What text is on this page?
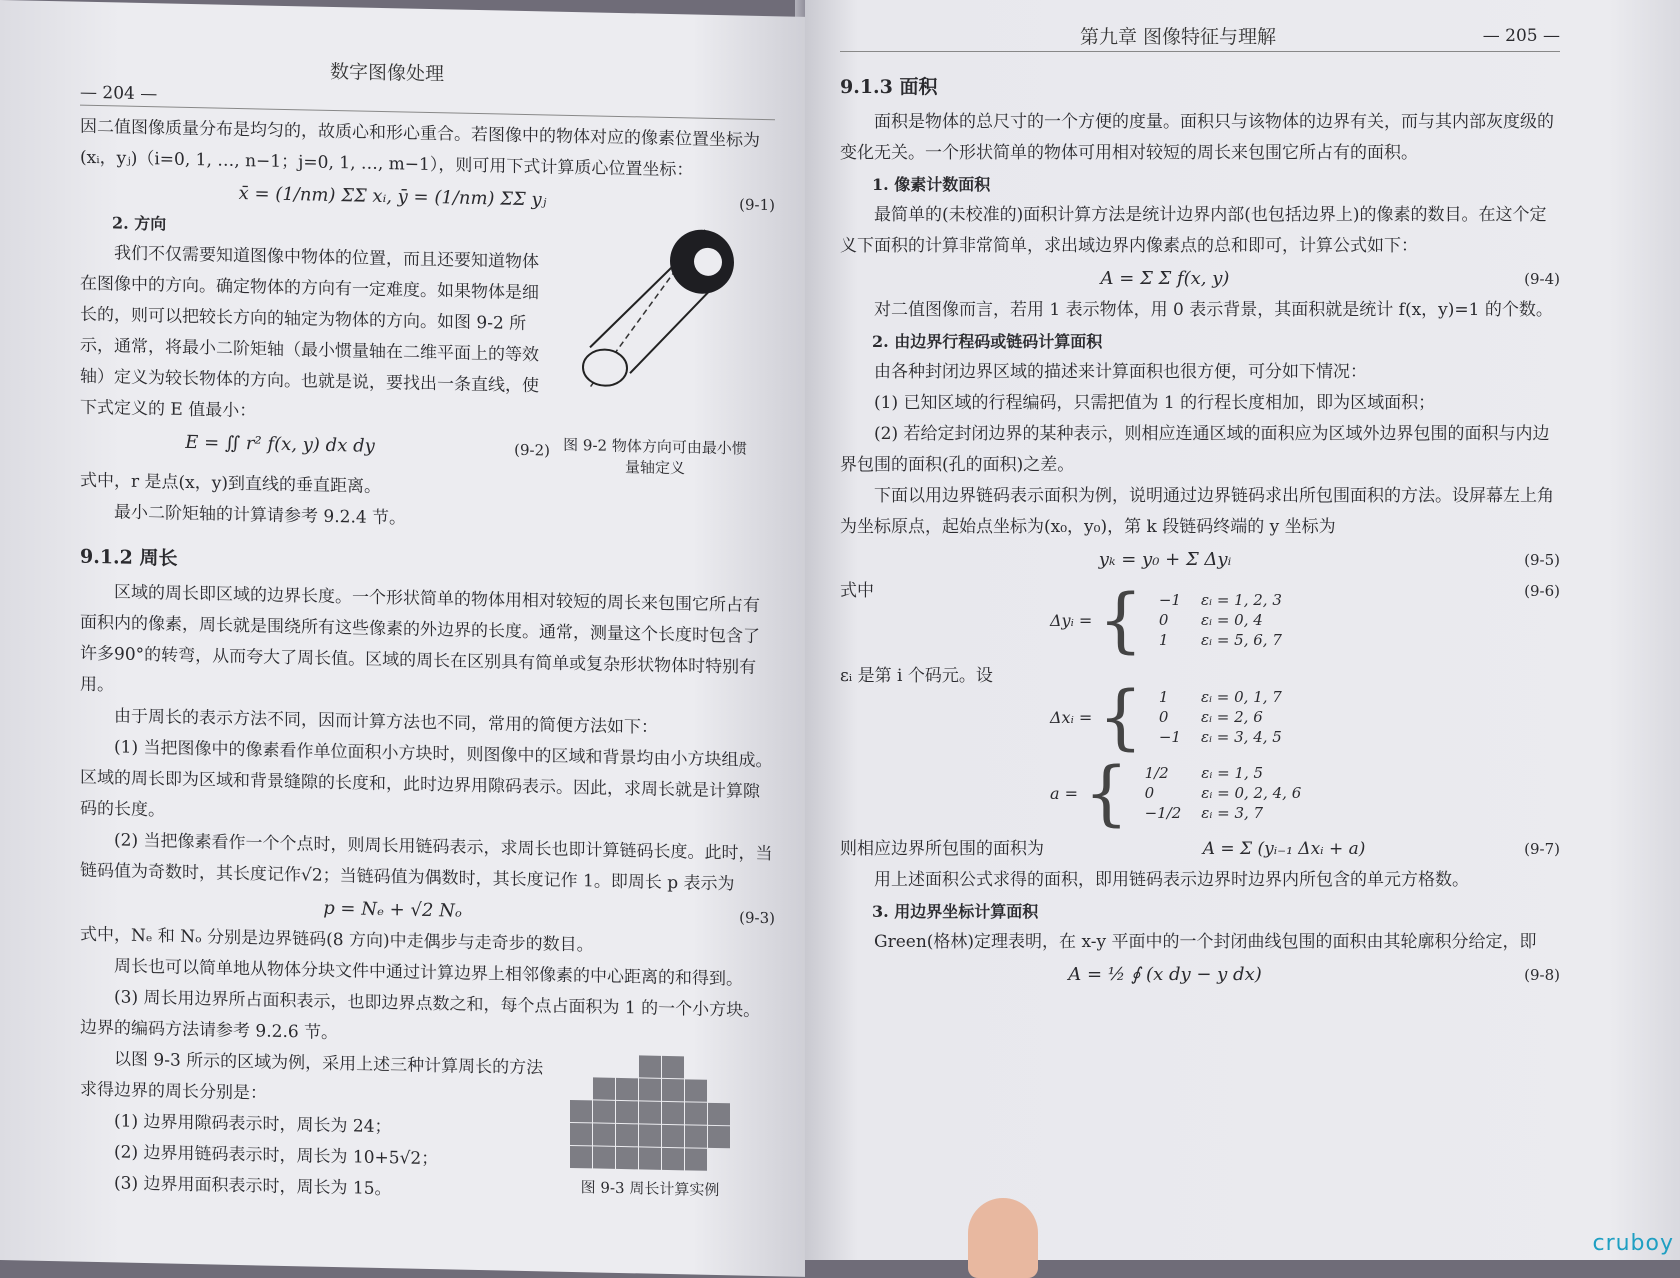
数字图像处理
— 204 —

因二值图像质量分布是均匀的，故质心和形心重合。若图像中的物体对应的像素位置坐标为(xᵢ，yⱼ)（i=0, 1, …, n−1；j=0, 1, …, m−1），则可用下式计算质心位置坐标：

x̄ = (1/nm) ΣΣ xᵢ, ȳ = (1/nm) ΣΣ yⱼ	(9-1)
2. 方向

我们不仅需要知道图像中物体的位置，而且还要知道物体在图像中的方向。确定物体的方向有一定难度。如果物体是细长的，则可以把较长方向的轴定为物体的方向。如图 9-2 所示，通常，将最小二阶矩轴（最小惯量轴在二维平面上的等效轴）定义为较长物体的方向。也就是说，要找出一条直线，使下式定义的 E 值最小：

E = ∬ r² f(x, y) dx dy	(9-2) 图 9-2 物体方向可由最小惯量轴定义

式中，r 是点(x，y)到直线的垂直距离。

最小二阶矩轴的计算请参考 9.2.4 节。

9.1.2 周长

区域的周长即区域的边界长度。一个形状简单的物体用相对较短的周长来包围它所占有面积内的像素，周长就是围绕所有这些像素的外边界的长度。通常，测量这个长度时包含了许多90°的转弯，从而夸大了周长值。区域的周长在区别具有简单或复杂形状物体时特别有用。

由于周长的表示方法不同，因而计算方法也不同，常用的简便方法如下：

(1) 当把图像中的像素看作单位面积小方块时，则图像中的区域和背景均由小方块组成。区域的周长即为区域和背景缝隙的长度和，此时边界用隙码表示。因此，求周长就是计算隙码的长度。

(2) 当把像素看作一个个点时，则周长用链码表示，求周长也即计算链码长度。此时，当链码值为奇数时，其长度记作√2；当链码值为偶数时，其长度记作 1。即周长 p 表示为

p = Nₑ + √2 Nₒ	(9-3)

式中，Nₑ 和 Nₒ 分别是边界链码(8 方向)中走偶步与走奇步的数目。

周长也可以简单地从物体分块文件中通过计算边界上相邻像素的中心距离的和得到。

(3) 周长用边界所占面积表示，也即边界点数之和，每个点占面积为 1 的一个小方块。边界的编码方法请参考 9.2.6 节。

以图 9-3 所示的区域为例，采用上述三种计算周长的方法求得边界的周长分别是：

(1) 边界用隙码表示时，周长为 24；

(2) 边界用链码表示时，周长为 10+5√2；

(3) 边界用面积表示时，周长为 15。	图 9-3 周长计算实例
第九章 图像特征与理解	— 205 —
9.1.3 面积

面积是物体的总尺寸的一个方便的度量。面积只与该物体的边界有关，而与其内部灰度级的变化无关。一个形状简单的物体可用相对较短的周长来包围它所占有的面积。

1. 像素计数面积

最简单的(未校准的)面积计算方法是统计边界内部(也包括边界上)的像素的数目。在这个定义下面积的计算非常简单，求出域边界内像素点的总和即可，计算公式如下：

A = Σ Σ f(x, y)	(9-4)

对二值图像而言，若用 1 表示物体，用 0 表示背景，其面积就是统计 f(x，y)=1 的个数。

2. 由边界行程码或链码计算面积

由各种封闭边界区域的描述来计算面积也很方便，可分如下情况：

(1) 已知区域的行程编码，只需把值为 1 的行程长度相加，即为区域面积；

(2) 若给定封闭边界的某种表示，则相应连通区域的面积应为区域外边界包围的面积与内边界包围的面积(孔的面积)之差。

下面以用边界链码表示面积为例，说明通过边界链码求出所包围面积的方法。设屏幕左上角为坐标原点，起始点坐标为(x₀，y₀)，第 k 段链码终端的 y 坐标为

yₖ = y₀ + Σ Δyᵢ	(9-5)
式中	(9-6)
Δyᵢ = { −1	εᵢ = 1, 2, 3
0	εᵢ = 0, 4
1	εᵢ = 5, 6, 7

εᵢ 是第 i 个码元。设

Δxᵢ = { 1	εᵢ = 0, 1, 7
0	εᵢ = 2, 6
−1	εᵢ = 3, 4, 5
a = { 1/2	εᵢ = 1, 5
0	εᵢ = 0, 2, 4, 6
−1/2	εᵢ = 3, 7
则相应边界所包围的面积为	A = Σ (yᵢ₋₁ Δxᵢ + a)	(9-7)

用上述面积公式求得的面积，即用链码表示边界时边界内所包含的单元方格数。

3. 用边界坐标计算面积

Green(格林)定理表明，在 x-y 平面中的一个封闭曲线包围的面积由其轮廓积分给定，即

A = ½ ∮ (x dy − y dx)	(9-8)
cruboy
